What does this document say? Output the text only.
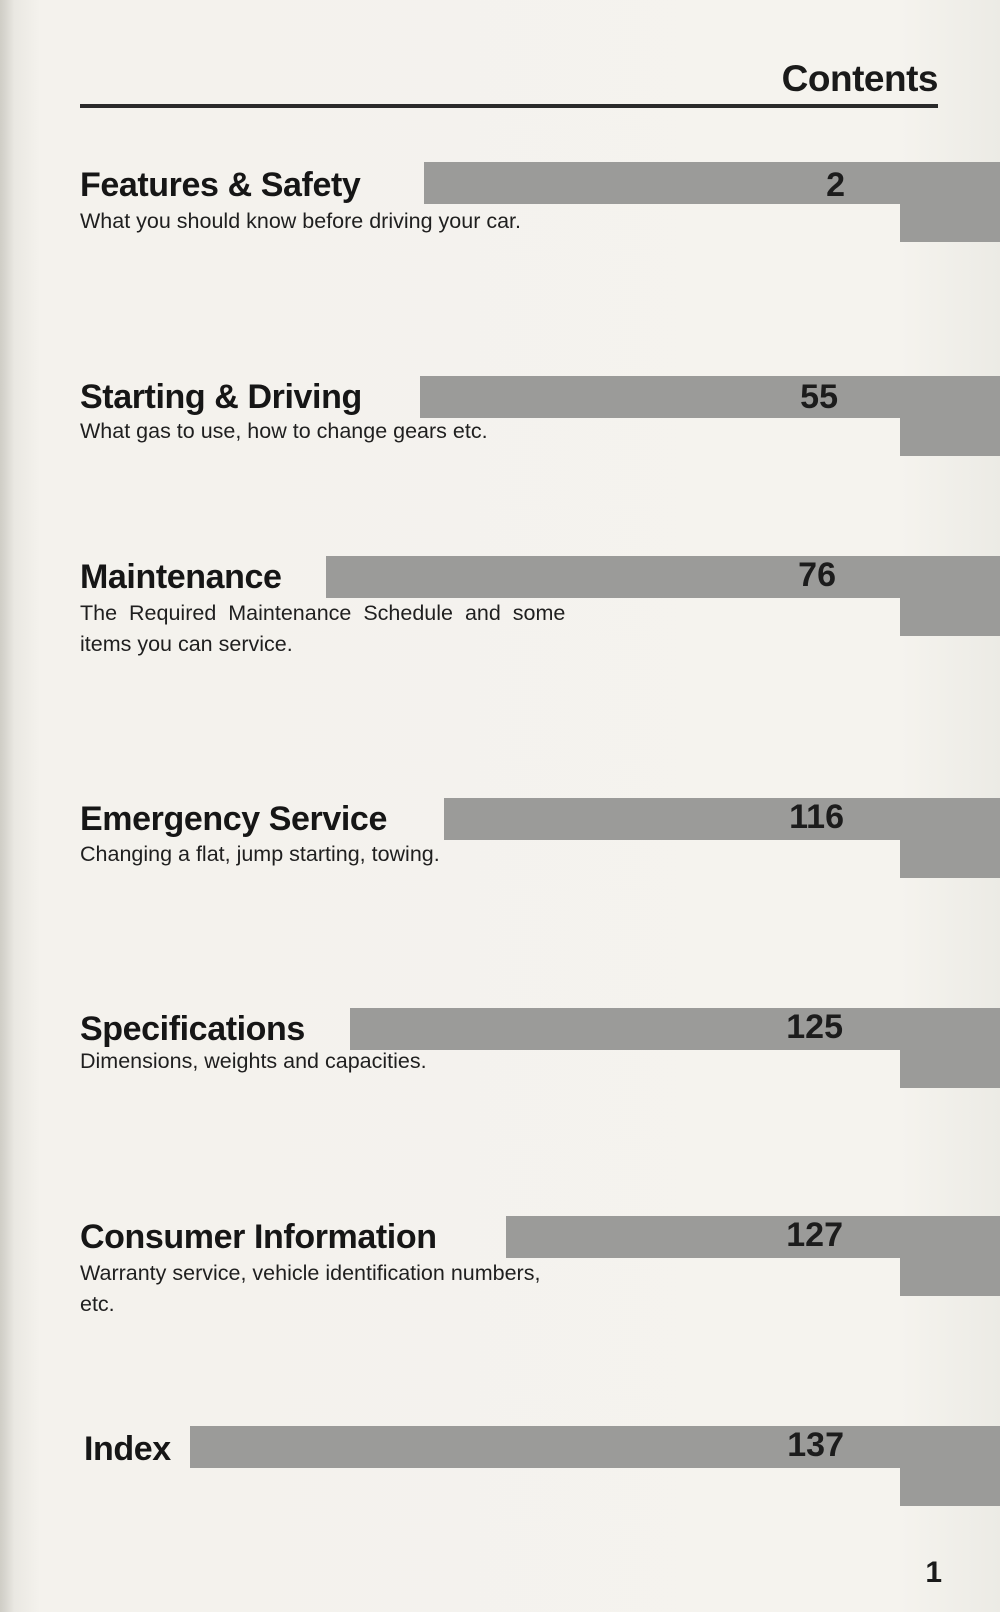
Contents
Features & Safety	2
What you should know before driving your car.
Starting & Driving	55
What gas to use, how to change gears etc.
Maintenance	76
The Required Maintenance Schedule and some
items you can service.
Emergency Service	116
Changing a flat, jump starting, towing.
Specifications	125
Dimensions, weights and capacities.
Consumer Information	127
Warranty service, vehicle identification numbers,
etc.
Index	137
1
